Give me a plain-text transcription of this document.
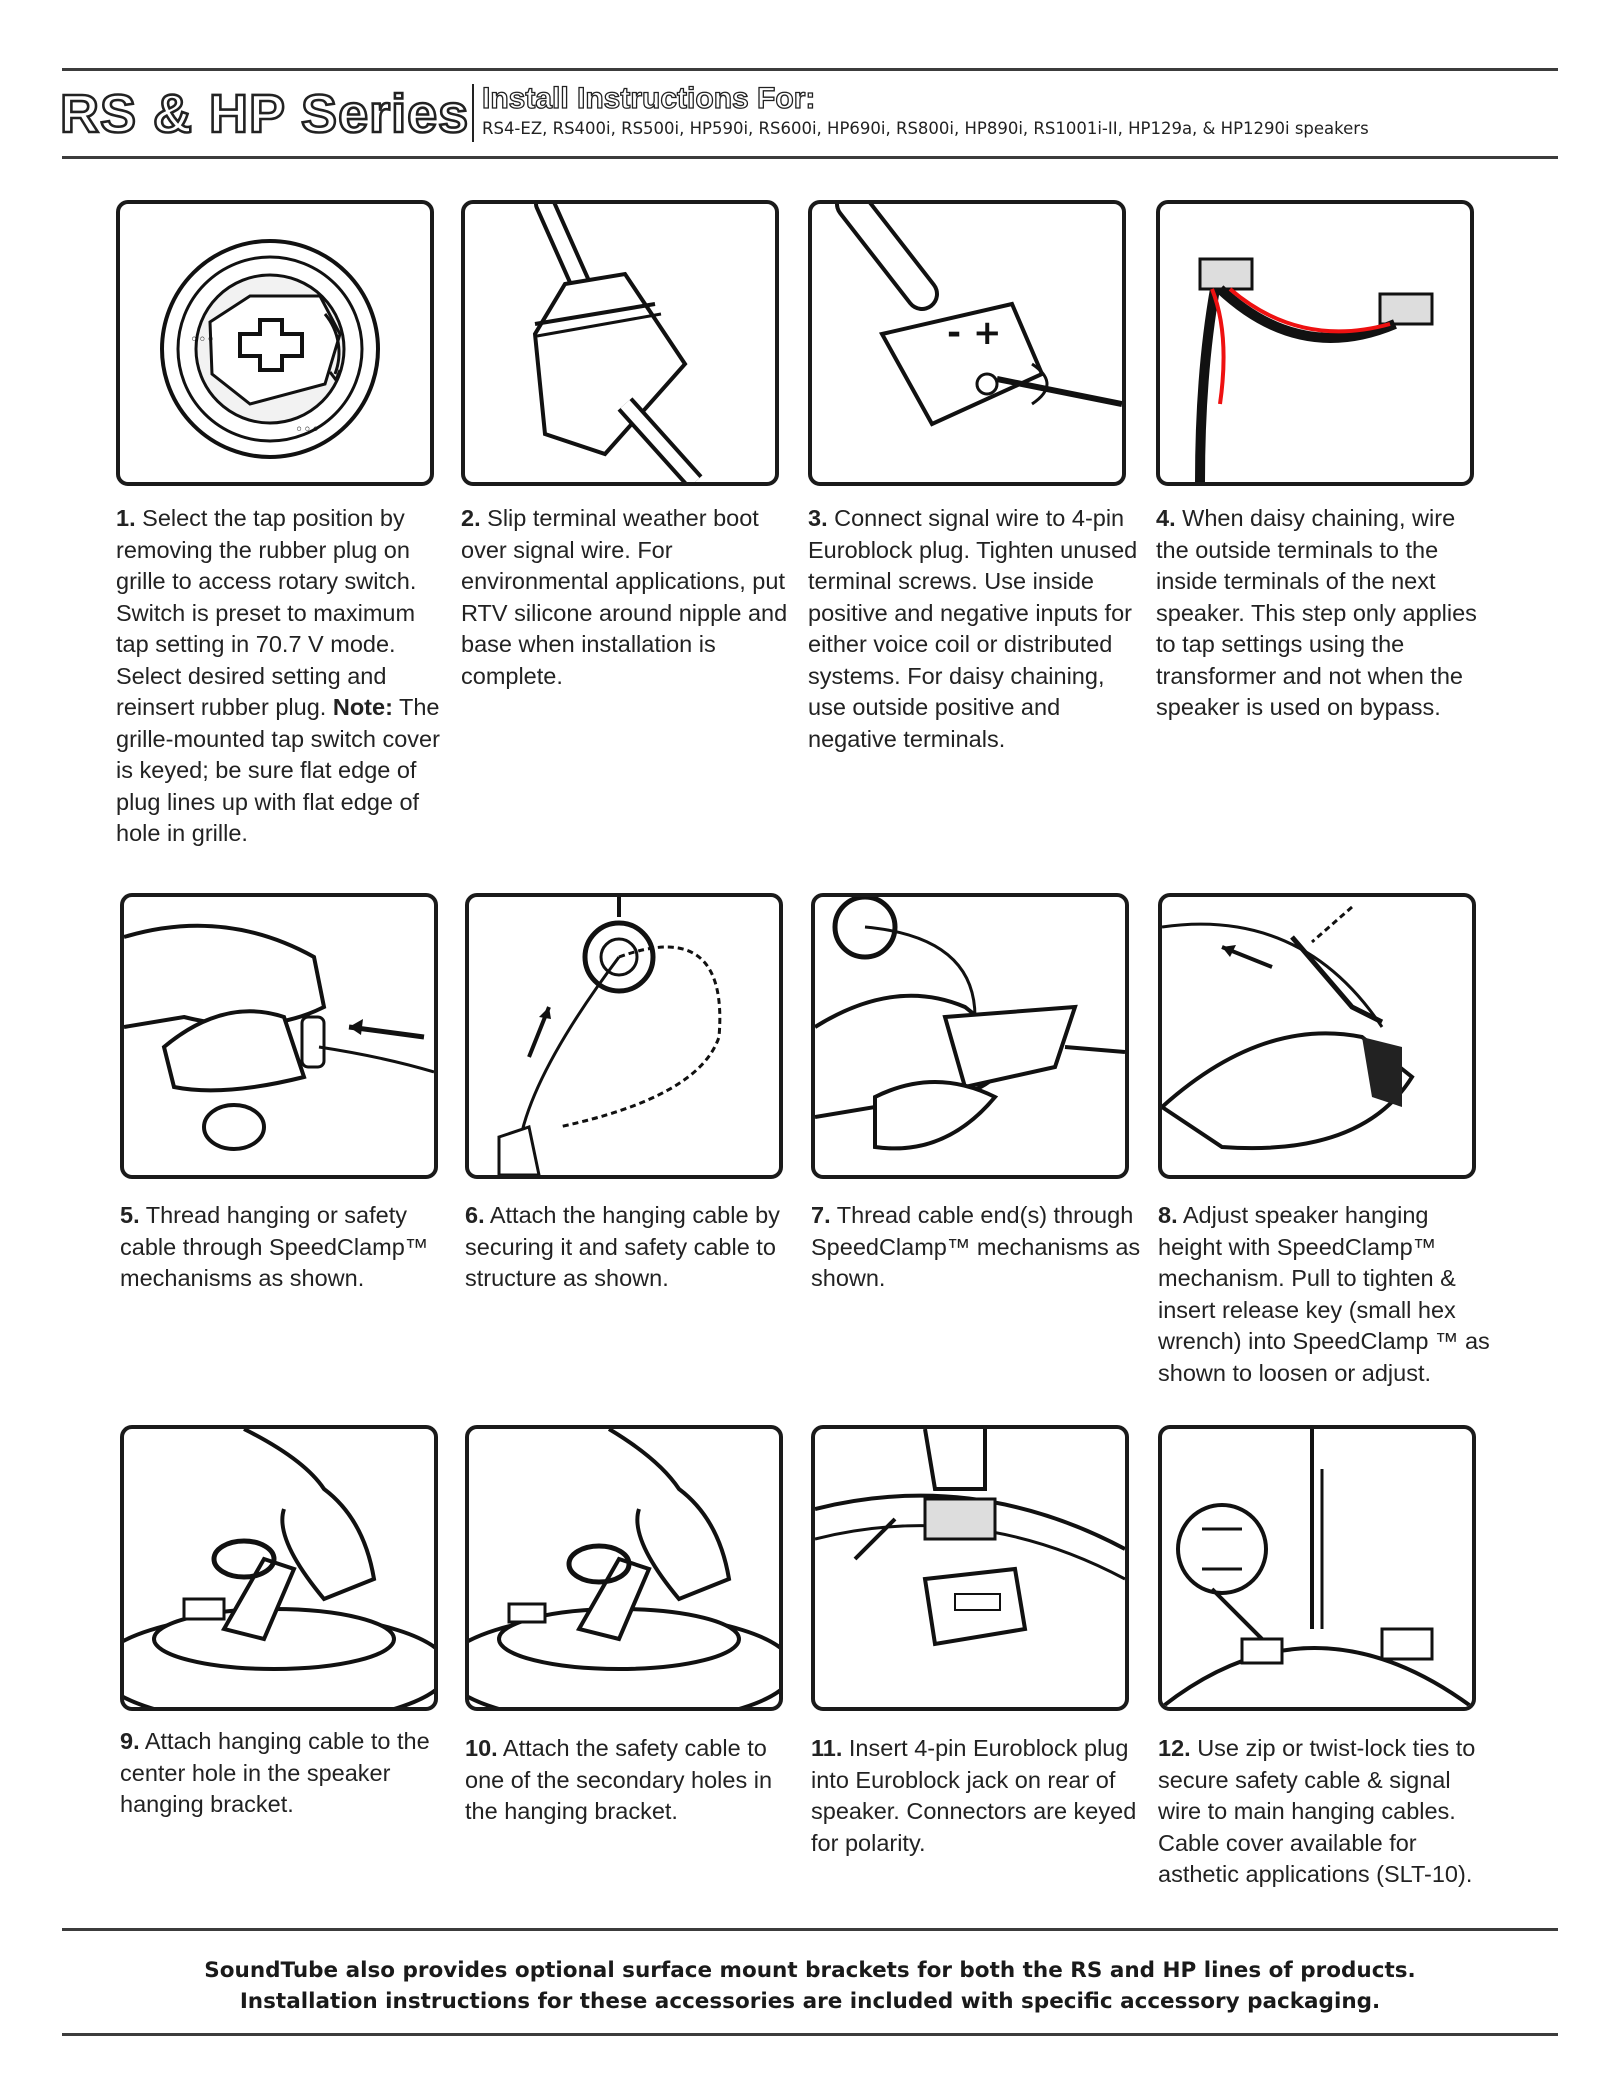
RS & HP Series Install Instructions For:
RS4-EZ, RS400i, RS500i, HP590i, RS600i, HP690i, RS800i, HP890i, RS1001i-II, HP129a, & HP1290i speakers
◦◦◦
◦◦◦
- +
1. Select the tap position by removing the rubber plug on grille to access rotary switch. Switch is preset to maximum tap setting in 70.7 V mode. Select desired setting and reinsert rubber plug. Note: The grille-mounted tap switch cover is keyed; be sure flat edge of plug lines up with flat edge of hole in grille.
2. Slip terminal weather boot over signal wire. For environmental applications, put RTV silicone around nipple and base when installation is complete.
3. Connect signal wire to 4-pin Euroblock plug. Tighten unused terminal screws. Use inside positive and negative inputs for either voice coil or distributed systems. For daisy chaining, use outside positive and negative terminals.
4. When daisy chaining, wire the outside terminals to the inside terminals of the next speaker. This step only applies to tap settings using the transformer and not when the speaker is used on bypass.
5. Thread hanging or safety cable through SpeedClamp™ mechanisms as shown.
6. Attach the hanging cable by securing it and safety cable to structure as shown.
7. Thread cable end(s) through SpeedClamp™ mechanisms as shown.
8. Adjust speaker hanging height with SpeedClamp™ mechanism. Pull to tighten & insert release key (small hex wrench) into SpeedClamp ™ as shown to loosen or adjust.
9. Attach hanging cable to the center hole in the speaker hanging bracket.
10. Attach the safety cable to one of the secondary holes in the hanging bracket.
11. Insert 4-pin Euroblock plug into Euroblock jack on rear of speaker. Connectors are keyed for polarity.
12. Use zip or twist-lock ties to secure safety cable & signal wire to main hanging cables. Cable cover available for asthetic applications (SLT-10).
SoundTube also provides optional surface mount brackets for both the RS and HP lines of products.
Installation instructions for these accessories are included with specific accessory packaging.
